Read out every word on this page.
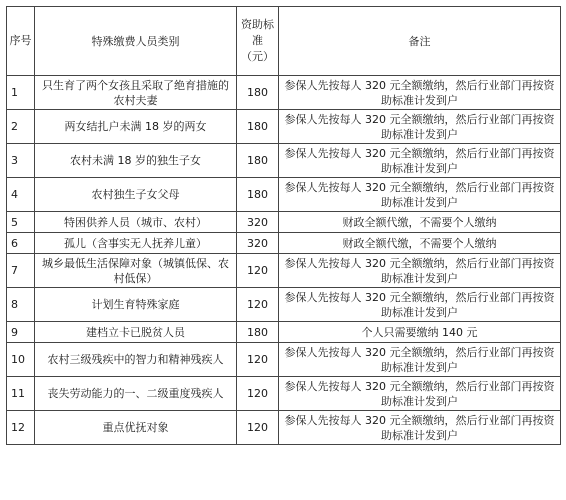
序号	特殊缴费人员类别	资助标准（元）	备注
1	只生育了两个女孩且采取了绝育措施的农村夫妻	180	参保人先按每人 320 元全额缴纳，然后行业部门再按资助标准计发到户
2	两女结扎户未满 18 岁的两女	180	参保人先按每人 320 元全额缴纳，然后行业部门再按资助标准计发到户
3	农村未满 18 岁的独生子女	180	参保人先按每人 320 元全额缴纳，然后行业部门再按资助标准计发到户
4	农村独生子女父母	180	参保人先按每人 320 元全额缴纳，然后行业部门再按资助标准计发到户
5	特困供养人员（城市、农村）	320	财政全额代缴，不需要个人缴纳
6	孤儿（含事实无人抚养儿童）	320	财政全额代缴，不需要个人缴纳
7	城乡最低生活保障对象（城镇低保、农村低保）	120	参保人先按每人 320 元全额缴纳，然后行业部门再按资助标准计发到户
8	计划生育特殊家庭	120	参保人先按每人 320 元全额缴纳，然后行业部门再按资助标准计发到户
9	建档立卡已脱贫人员	180	个人只需要缴纳 140 元
10	农村三级残疾中的智力和精神残疾人	120	参保人先按每人 320 元全额缴纳，然后行业部门再按资助标准计发到户
11	丧失劳动能力的一、二级重度残疾人	120	参保人先按每人 320 元全额缴纳，然后行业部门再按资助标准计发到户
12	重点优抚对象	120	参保人先按每人 320 元全额缴纳，然后行业部门再按资助标准计发到户
